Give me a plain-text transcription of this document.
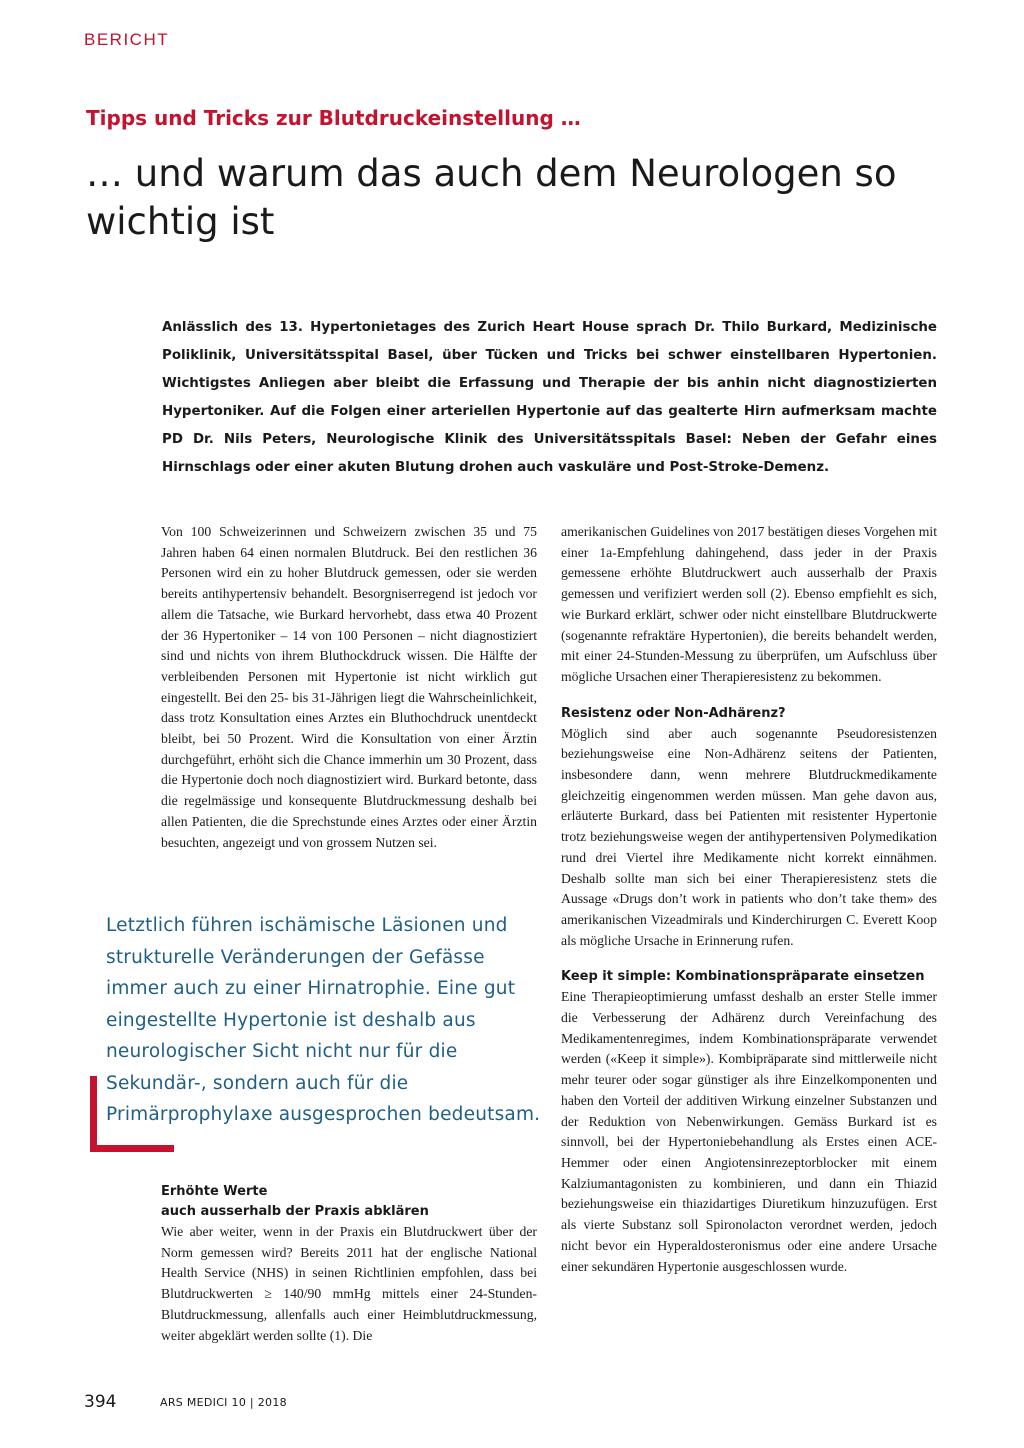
BERICHT
Tipps und Tricks zur Blutdruckeinstellung …
… und warum das auch dem Neurologen so wichtig ist

Anlässlich des 13. Hypertonietages des Zurich Heart House sprach Dr. Thilo Burkard, Medizinische Poliklinik, Universitätsspital Basel, über Tücken und Tricks bei schwer einstellbaren Hypertonien. Wichtigstes Anliegen aber bleibt die Erfassung und Therapie der bis anhin nicht diagnostizierten Hypertoniker. Auf die Folgen einer arteriellen Hypertonie auf das gealterte Hirn aufmerksam machte PD Dr. Nils Peters, Neurologische Klinik des Universitätsspitals Basel: Neben der Gefahr eines Hirnschlags oder einer akuten Blutung drohen auch vaskuläre und Post-Stroke-Demenz.

Von 100 Schweizerinnen und Schweizern zwischen 35 und 75 Jahren haben 64 einen normalen Blutdruck. Bei den restlichen 36 Personen wird ein zu hoher Blutdruck gemessen, oder sie werden bereits antihypertensiv behandelt. Besorgniserregend ist jedoch vor allem die Tatsache, wie Burkard hervorhebt, dass etwa 40 Prozent der 36 Hypertoniker – 14 von 100 Personen – nicht diagnostiziert sind und nichts von ihrem Bluthockdruck wissen. Die Hälfte der verbleibenden Personen mit Hypertonie ist nicht wirklich gut eingestellt. Bei den 25- bis 31-Jährigen liegt die Wahrscheinlichkeit, dass trotz Konsultation eines Arztes ein Bluthochdruck unentdeckt bleibt, bei 50 Prozent. Wird die Konsultation von einer Ärztin durchgeführt, erhöht sich die Chance immerhin um 30 Prozent, dass die Hypertonie doch noch diagnostiziert wird. Burkard betonte, dass die regelmässige und konsequente Blutdruckmessung deshalb bei allen Patienten, die die Sprechstunde eines Arztes oder einer Ärztin besuchten, angezeigt und von grossem Nutzen sei.

Letztlich führen ischämische Läsionen und strukturelle Veränderungen der Gefässe immer auch zu einer Hirnatrophie. Eine gut eingestellte Hypertonie ist deshalb aus neurologischer Sicht nicht nur für die Sekundär-, sondern auch für die Primärprophylaxe ausgesprochen bedeutsam.

Erhöhte Werte
auch ausserhalb der Praxis abklären

Wie aber weiter, wenn in der Praxis ein Blutdruckwert über der Norm gemessen wird? Bereits 2011 hat der englische National Health Service (NHS) in seinen Richtlinien empfohlen, dass bei Blutdruckwerten ≥ 140/90 mmHg mittels einer 24-Stunden-Blutdruckmessung, allenfalls auch einer Heimblutdruckmessung, weiter abgeklärt werden sollte (1). Die

amerikanischen Guidelines von 2017 bestätigen dieses Vorgehen mit einer 1a-Empfehlung dahingehend, dass jeder in der Praxis gemessene erhöhte Blutdruckwert auch ausserhalb der Praxis gemessen und verifiziert werden soll (2). Ebenso empfiehlt es sich, wie Burkard erklärt, schwer oder nicht einstellbare Blutdruckwerte (sogenannte refraktäre Hypertonien), die bereits behandelt werden, mit einer 24-Stunden-Messung zu überprüfen, um Aufschluss über mögliche Ursachen einer Therapieresistenz zu bekommen.

Resistenz oder Non-Adhärenz?

Möglich sind aber auch sogenannte Pseudoresistenzen beziehungsweise eine Non-Adhärenz seitens der Patienten, insbesondere dann, wenn mehrere Blutdruckmedikamente gleichzeitig eingenommen werden müssen. Man gehe davon aus, erläuterte Burkard, dass bei Patienten mit resistenter Hypertonie trotz beziehungsweise wegen der antihypertensiven Polymedikation rund drei Viertel ihre Medikamente nicht korrekt einnähmen. Deshalb sollte man sich bei einer Therapieresistenz stets die Aussage «Drugs don’t work in patients who don’t take them» des amerikanischen Vizeadmirals und Kinderchirurgen C. Everett Koop als mögliche Ursache in Erinnerung rufen.

Keep it simple: Kombinationspräparate einsetzen

Eine Therapieoptimierung umfasst deshalb an erster Stelle immer die Verbesserung der Adhärenz durch Vereinfachung des Medikamentenregimes, indem Kombinationspräparate verwendet werden («Keep it simple»). Kombipräparate sind mittlerweile nicht mehr teurer oder sogar günstiger als ihre Einzelkomponenten und haben den Vorteil der additiven Wirkung einzelner Substanzen und der Reduktion von Nebenwirkungen. Gemäss Burkard ist es sinnvoll, bei der Hypertoniebehandlung als Erstes einen ACE-Hemmer oder einen Angiotensinrezeptorblocker mit einem Kalziumantagonisten zu kombinieren, und dann ein Thiazid beziehungsweise ein thiazidartiges Diuretikum hinzuzufügen. Erst als vierte Substanz soll Spironolacton verordnet werden, jedoch nicht bevor ein Hyperaldosteronismus oder eine andere Ursache einer sekundären Hypertonie ausgeschlossen wurde.

394	ARS MEDICI 10 | 2018
